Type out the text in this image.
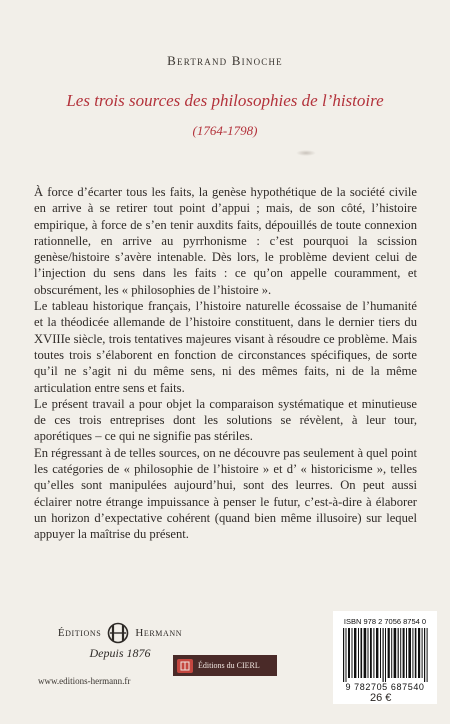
Bertrand Binoche
Les trois sources des philosophies de l’histoire
(1764-1798)

À force d’écarter tous les faits, la genèse hypothétique de la société civile en arrive à se retirer tout point d’appui ; mais, de son côté, l’histoire empirique, à force de s’en tenir auxdits faits, dépouillés de toute connexion rationnelle, en arrive au pyrrhonisme : c’est pourquoi la scission genèse/histoire s’avère intenable. Dès lors, le problème devient celui de l’injection du sens dans les faits : ce qu’on appelle couramment, et obscurément, les « philosophies de l’histoire ».

Le tableau historique français, l’histoire naturelle écossaise de l’humanité et la théodicée allemande de l’histoire constituent, dans le dernier tiers du XVIIIe siècle, trois tentatives majeures visant à résoudre ce problème. Mais toutes trois s’élaborent en fonction de circonstances spécifiques, de sorte qu’il ne s’agit ni du même sens, ni des mêmes faits, ni de la même articulation entre sens et faits.

Le présent travail a pour objet la comparaison systématique et minutieuse de ces trois entreprises dont les solutions se révèlent, à leur tour, aporétiques – ce qui ne signifie pas stériles.

En régressant à de telles sources, on ne découvre pas seulement à quel point les catégories de « philosophie de l’histoire » et d’ « historicisme », telles qu’elles sont manipulées aujourd’hui, sont des leurres. On peut aussi éclairer notre étrange impuissance à penser le futur, c’est-à-dire à élaborer un horizon d’expectative cohérent (quand bien même illusoire) sur lequel appuyer la maîtrise du présent.

Éditions	Hermann
Depuis 1876
www.editions-hermann.fr
Éditions du CIERL
ISBN 978 2 7056 8754 0
9 782705 687540
26 €
